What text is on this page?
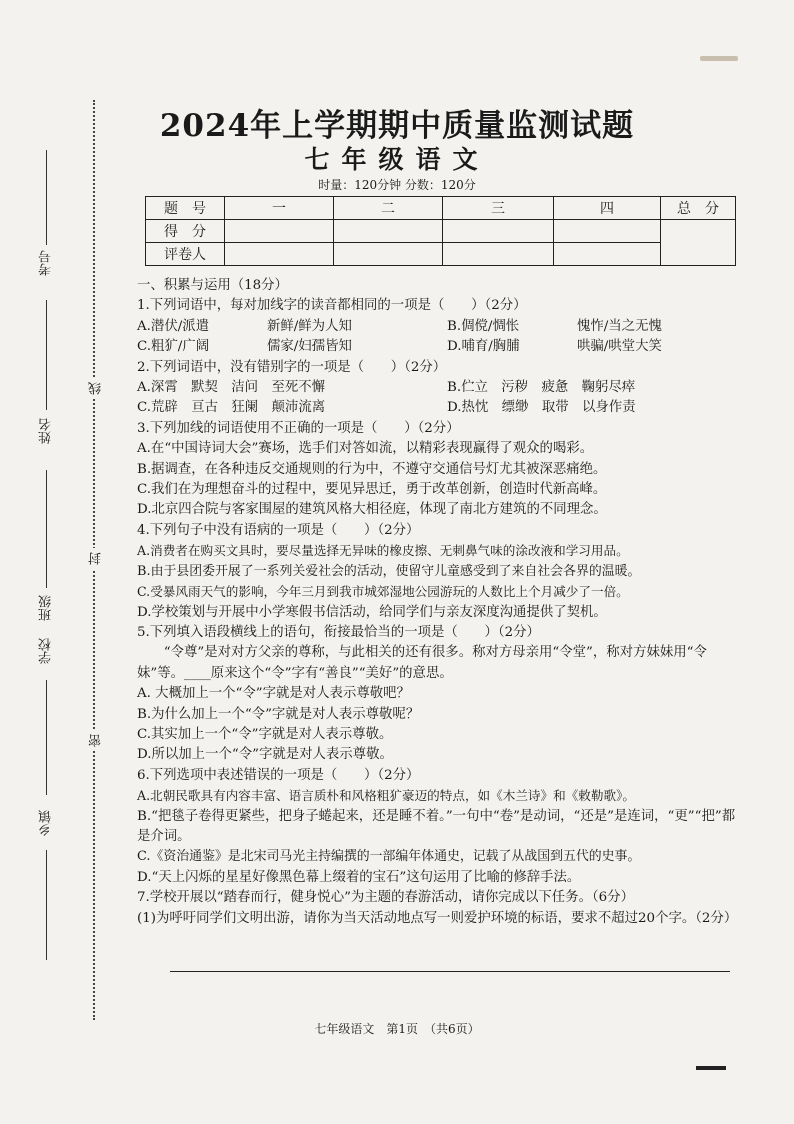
考号
姓名
班级
学校
乡镇
线
封
密
2024年上学期期中质量监测试题
七年级语文
时量：120分钟 分数：120分
题　号	一	二	三	四	总　分
得　分					
评卷人					

一、积累与运用（18分）

1.下列词语中，每对加线字的读音都相同的一项是（　　）（2分）

A.潜伏/派遣	新鲜/鲜为人知	B.倜傥/惆怅	愧怍/当之无愧
C.粗犷/广阔	儒家/妇孺皆知	D.哺育/胸脯	哄骗/哄堂大笑

2.下列词语中，没有错别字的一项是（　　）（2分）

A.深霄　默契　洁问　至死不懈	B.伫立　污秽　疲惫　鞠躬尽瘁
C.荒辟　亘古　狂阑　颠沛流离	D.热忱　缥缈　取带　以身作责

3.下列加线的词语使用不正确的一项是（　　）（2分）

A.在“中国诗词大会”赛场，选手们对答如流，以精彩表现赢得了观众的喝彩。

B.据调查，在各种违反交通规则的行为中，不遵守交通信号灯尤其被深恶痛绝。

C.我们在为理想奋斗的过程中，要见异思迁，勇于改革创新，创造时代新高峰。

D.北京四合院与客家围屋的建筑风格大相径庭，体现了南北方建筑的不同理念。

4.下列句子中没有语病的一项是（　　）（2分）

A.消费者在购买文具时，要尽量选择无异味的橡皮擦、无刺鼻气味的涂改液和学习用品。

B.由于县团委开展了一系列关爱社会的活动，使留守儿童感受到了来自社会各界的温暖。

C.受暴风雨天气的影响，今年三月到我市城郊湿地公园游玩的人数比上个月减少了一倍。

D.学校策划与开展中小学寒假书信活动，给同学们与亲友深度沟通提供了契机。

5.下列填入语段横线上的语句，衔接最恰当的一项是（　　）（2分）

“令尊”是对对方父亲的尊称，与此相关的还有很多。称对方母亲用“令堂”，称对方妹妹用“令妹”等。____原来这个“令”字有“善良”“美好”的意思。

A. 大概加上一个“令”字就是对人表示尊敬吧？

B.为什么加上一个“令”字就是对人表示尊敬呢？

C.其实加上一个“令”字就是对人表示尊敬。

D.所以加上一个“令”字就是对人表示尊敬。

6.下列选项中表述错误的一项是（　　）（2分）

A.北朝民歌具有内容丰富、语言质朴和风格粗犷豪迈的特点，如《木兰诗》和《敕勒歌》。

B.“把毯子卷得更紧些，把身子蜷起来，还是睡不着。”一句中“卷”是动词，“还是”是连词，“更”“把”都是介词。

C.《资治通鉴》是北宋司马光主持编撰的一部编年体通史，记载了从战国到五代的史事。

D.“天上闪烁的星星好像黑色幕上缀着的宝石”这句运用了比喻的修辞手法。

7.学校开展以“踏春而行，健身悦心”为主题的春游活动，请你完成以下任务。（6分）

(1)为呼吁同学们文明出游，请你为当天活动地点写一则爱护环境的标语，要求不超过20个字。（2分）

七年级语文　第1页　（共6页）
